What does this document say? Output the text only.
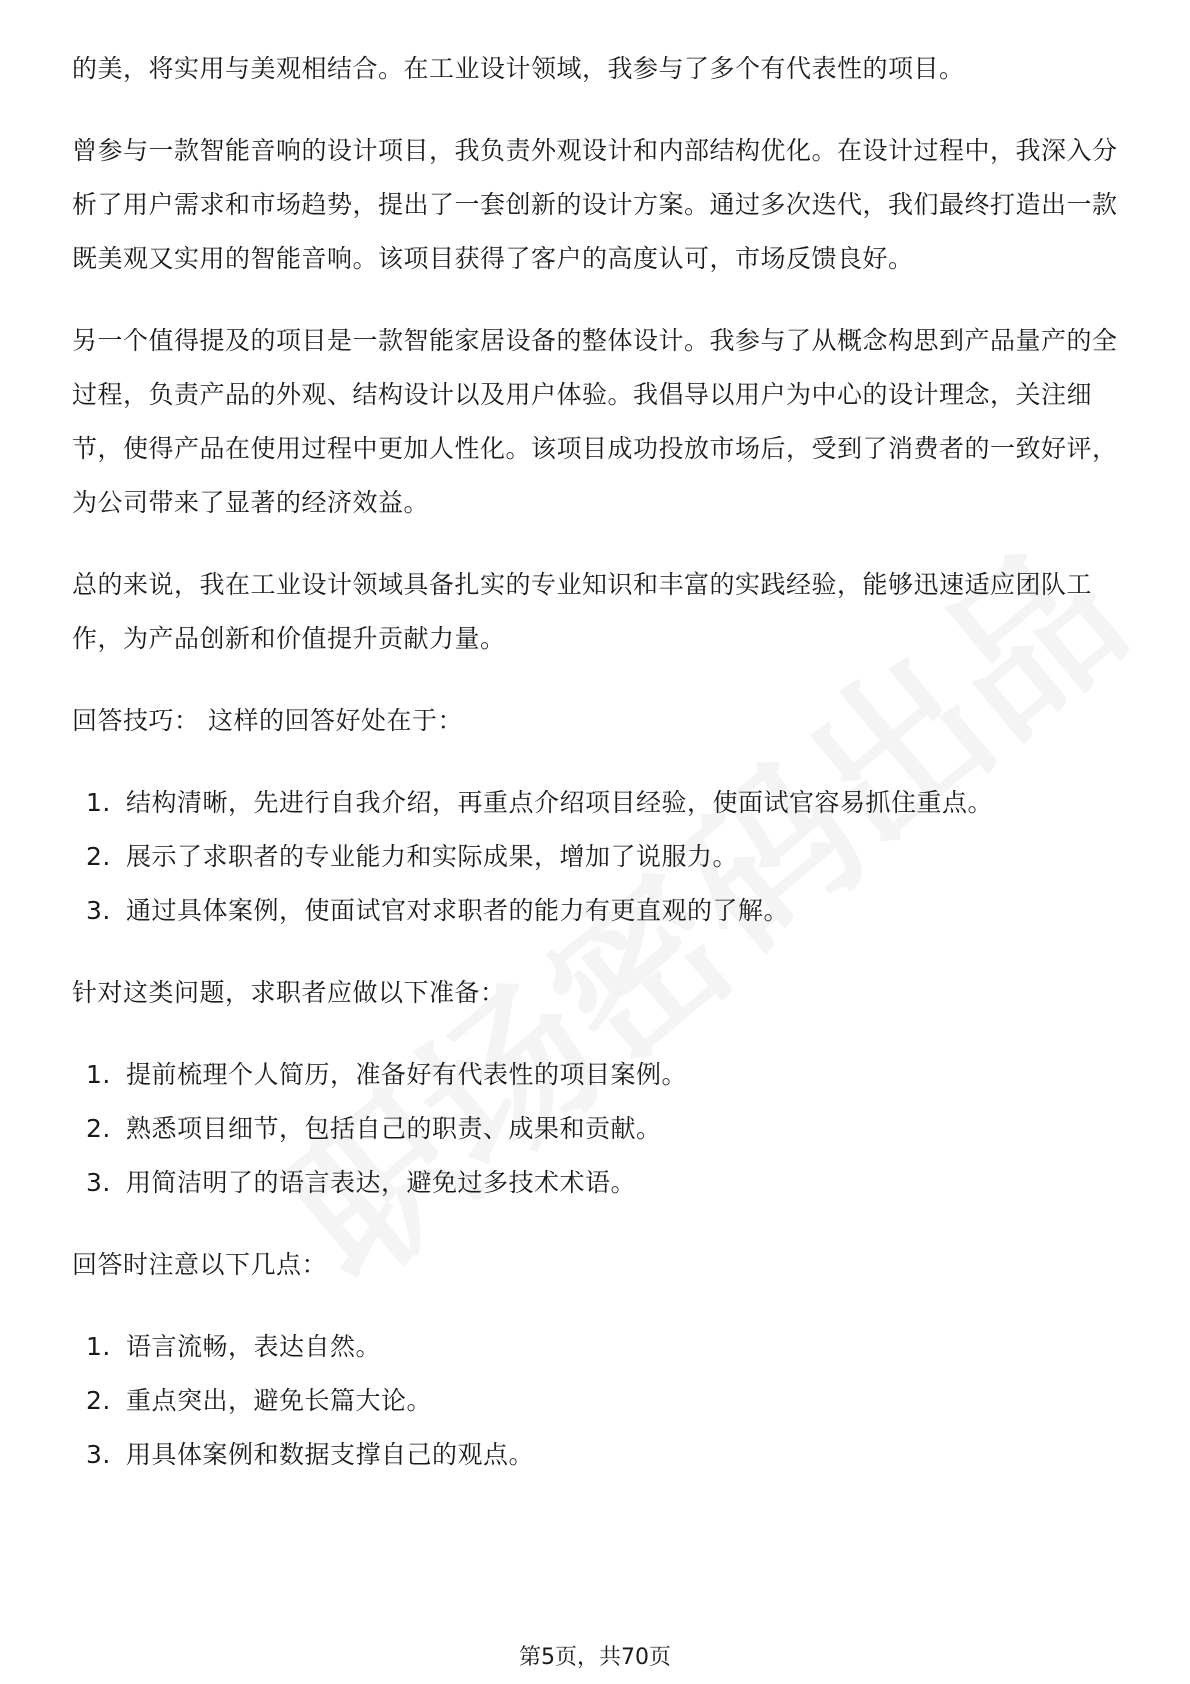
的美，将实用与美观相结合。在工业设计领域，我参与了多个有代表性的项目。

曾参与一款智能音响的设计项目，我负责外观设计和内部结构优化。在设计过程中，我深入分析了用户需求和市场趋势，提出了一套创新的设计方案。通过多次迭代，我们最终打造出一款既美观又实用的智能音响。该项目获得了客户的高度认可，市场反馈良好。

另一个值得提及的项目是一款智能家居设备的整体设计。我参与了从概念构思到产品量产的全过程，负责产品的外观、结构设计以及用户体验。我倡导以用户为中心的设计理念，关注细节，使得产品在使用过程中更加人性化。该项目成功投放市场后，受到了消费者的一致好评，为公司带来了显著的经济效益。

总的来说，我在工业设计领域具备扎实的专业知识和丰富的实践经验，能够迅速适应团队工作，为产品创新和价值提升贡献力量。

回答技巧： 这样的回答好处在于：

1. 结构清晰，先进行自我介绍，再重点介绍项目经验，使面试官容易抓住重点。
2. 展示了求职者的专业能力和实际成果，增加了说服力。
3. 通过具体案例，使面试官对求职者的能力有更直观的了解。

针对这类问题，求职者应做以下准备：

1. 提前梳理个人简历，准备好有代表性的项目案例。
2. 熟悉项目细节，包括自己的职责、成果和贡献。
3. 用简洁明了的语言表达，避免过多技术术语。

回答时注意以下几点：

1. 语言流畅，表达自然。
2. 重点突出，避免长篇大论。
3. 用具体案例和数据支撑自己的观点。
第5页，共70页
